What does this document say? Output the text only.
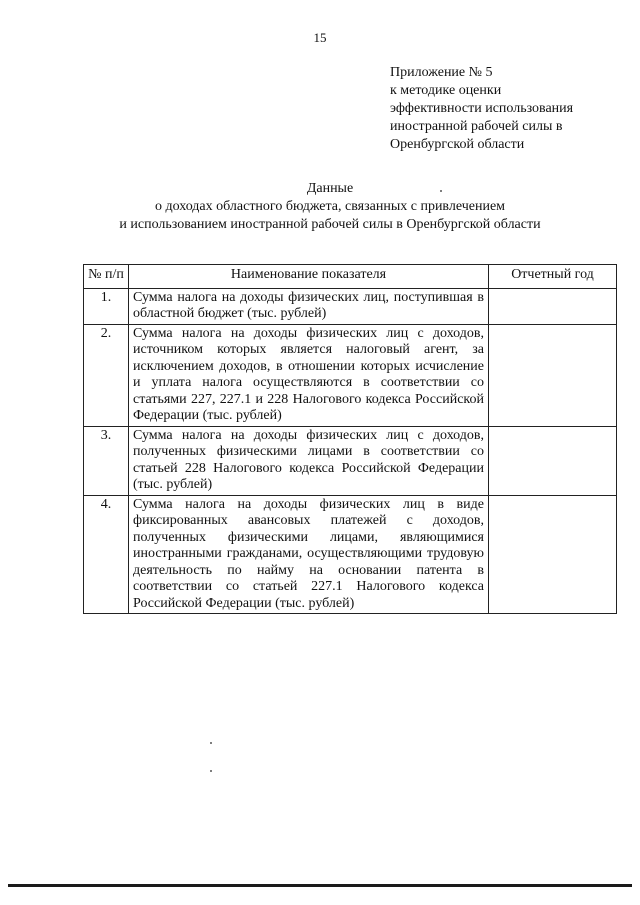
15
Приложение № 5
к методике оценки
эффективности использования
иностранной рабочей силы в
Оренбургской области
Данные
о доходах областного бюджета, связанных с привлечением
и использованием иностранной рабочей силы в Оренбургской области
№ п/п	Наименование показателя	Отчетный год
1.	Сумма налога на доходы физических лиц, поступившая в областной бюджет (тыс. рублей)	
2.	Сумма налога на доходы физических лиц с доходов, источником которых является налоговый агент, за исключением доходов, в отношении которых исчисление и уплата налога осуществляются в соответствии со статьями 227, 227.1 и 228 Налогового кодекса Российской Федерации (тыс. рублей)	
3.	Сумма налога на доходы физических лиц с доходов, полученных физическими лицами в соответствии со статьей 228 Налогового кодекса Российской Федерации (тыс. рублей)	
4.	Сумма налога на доходы физических лиц в виде фиксированных авансовых платежей с доходов, полученных физическими лицами, являющимися иностранными гражданами, осуществляющими трудовую деятельность по найму на основании патента в соответствии со статьей 227.1 Налогового кодекса Российской Федерации (тыс. рублей)	
